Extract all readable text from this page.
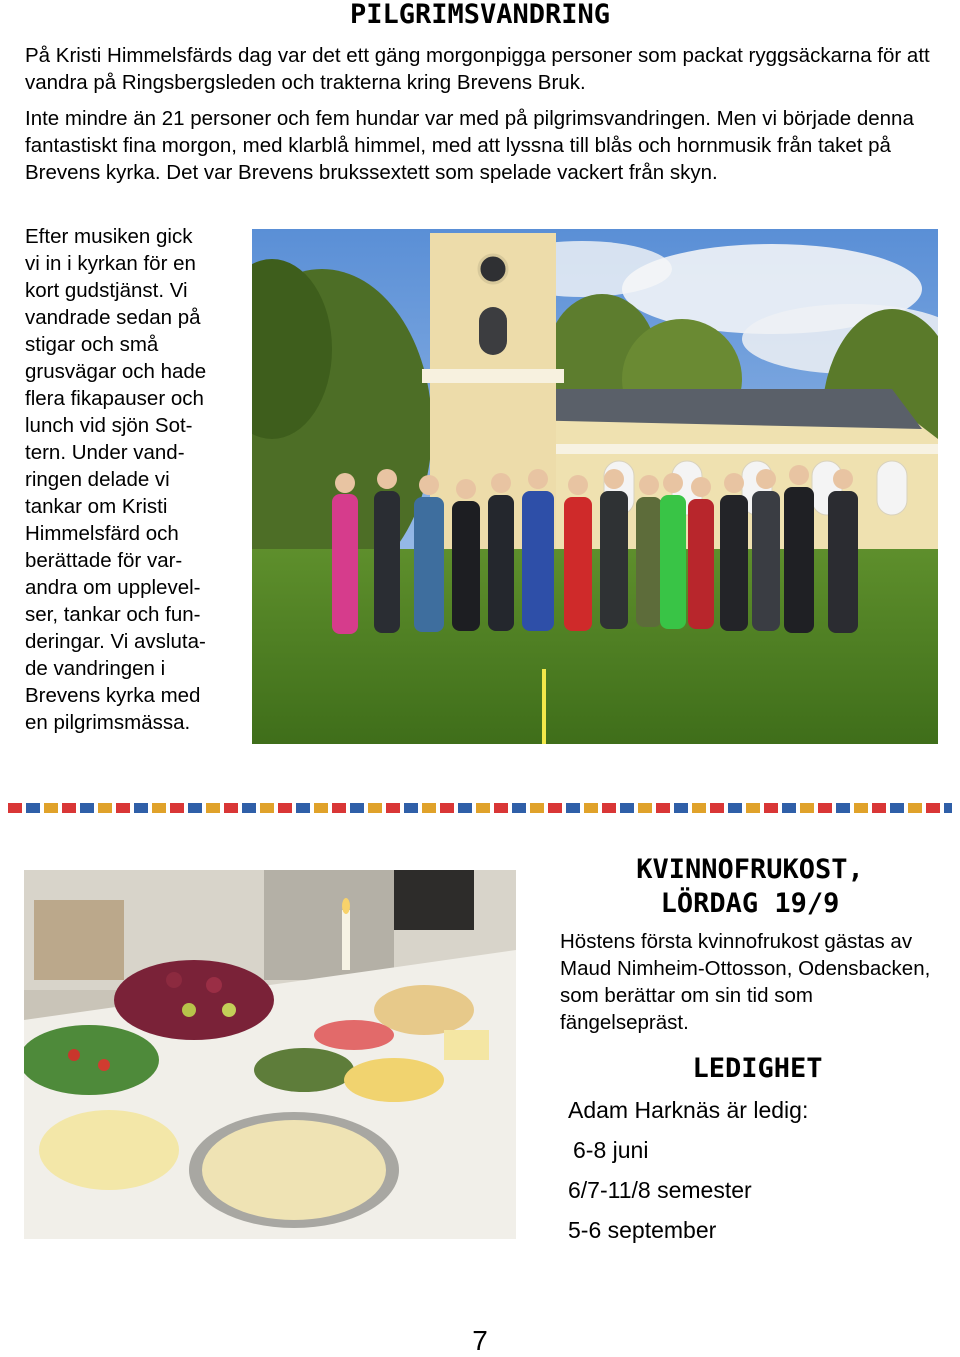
PILGRIMSVANDRING

På Kristi Himmelsfärds dag var det ett gäng morgonpigga personer som packat ryggsäckarna för att vandra på Ringsbergsleden och trakterna kring Brevens Bruk.

Inte mindre än 21 personer och fem hundar var med på pilgrimsvandringen. Men vi började denna fantastiskt fina morgon, med klarblå himmel, med att lyssna till blås och hornmusik från taket på Brevens kyrka. Det var Brevens brukssextett som spelade vackert från skyn.

Efter musiken gick
vi in i kyrkan för en
kort gudstjänst. Vi
vandrade sedan på
stigar och små
grusvägar och hade
flera fikapauser och
lunch vid sjön Sot-
tern. Under vand-
ringen delade vi
tankar om Kristi
Himmelsfärd och
berättade för var-
andra om upplevel-
ser, tankar och fun-
deringar. Vi avsluta-
de vandringen i
Brevens kyrka med
en pilgrimsmässa.
KVINNOFRUKOST,
LÖRDAG 19/9

Höstens första kvinnofrukost gästas av Maud Nimheim-Ottosson, Odensbacken, som berättar om sin tid som fängelsepräst.

LEDIGHET
Adam Harknäs är ledig:
6-8 juni
6/7-11/8 semester
5-6 september
7
